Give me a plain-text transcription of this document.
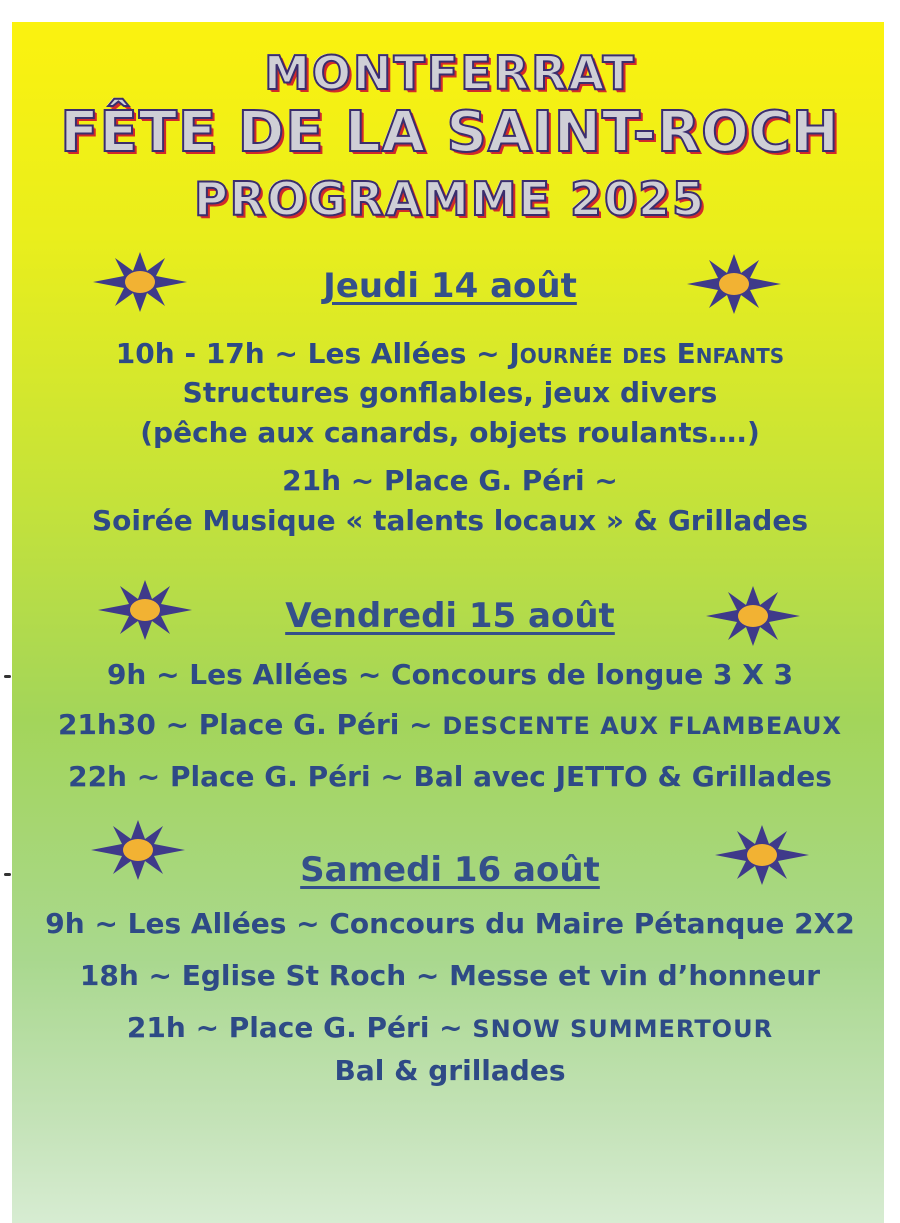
MONTFERRAT
FÊTE DE LA SAINT-ROCH
PROGRAMME 2025
Jeudi 14 août
10h - 17h ~ Les Allées ~ Journée des Enfants
Structures gonflables, jeux divers
(pêche aux canards, objets roulants….)
21h ~ Place G. Péri ~
Soirée Musique « talents locaux » & Grillades
Vendredi 15 août
9h ~ Les Allées ~ Concours de longue 3 X 3
21h30 ~ Place G. Péri ~ DESCENTE AUX FLAMBEAUX
22h ~ Place G. Péri ~ Bal avec JETTO & Grillades
Samedi 16 août
9h ~ Les Allées ~ Concours du Maire Pétanque 2X2
18h ~ Eglise St Roch ~ Messe et vin d’honneur
21h ~ Place G. Péri ~ SNOW SUMMERTOUR
Bal & grillades
